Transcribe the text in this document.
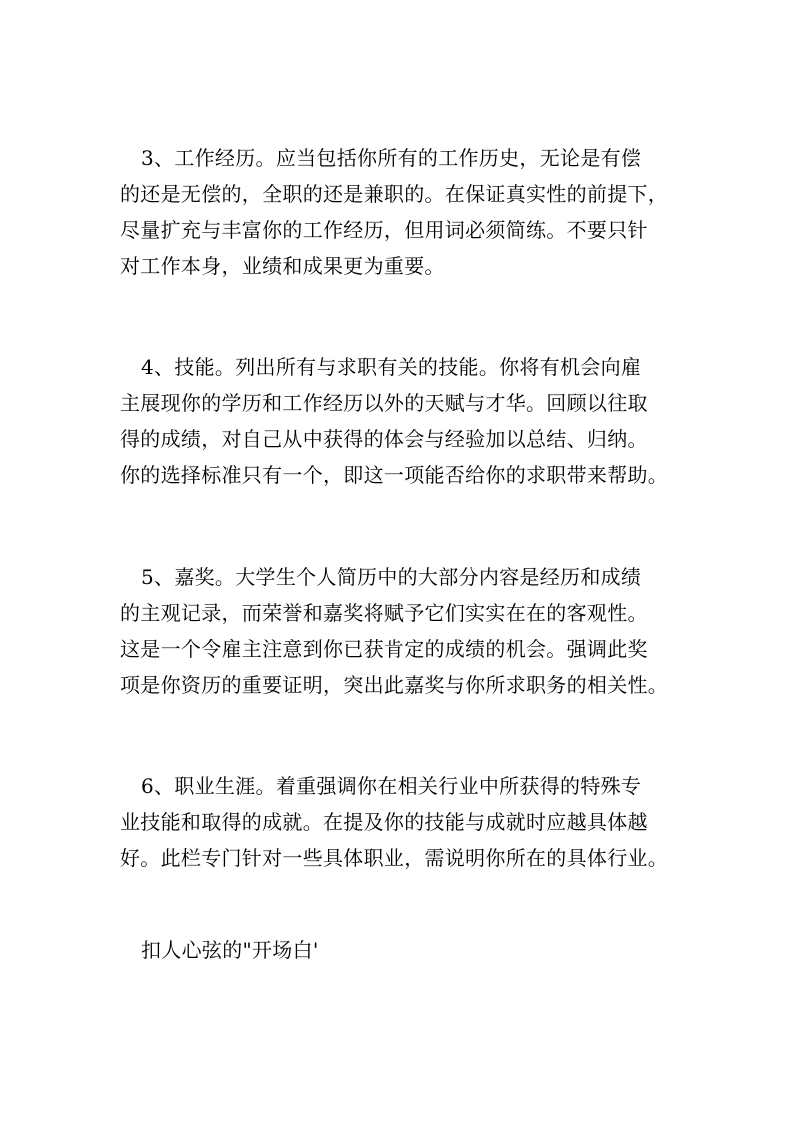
3、工作经历。应当包括你所有的工作历史，无论是有偿
的还是无偿的，全职的还是兼职的。在保证真实性的前提下，
尽量扩充与丰富你的工作经历，但用词必须简练。不要只针
对工作本身，业绩和成果更为重要。
4、技能。列出所有与求职有关的技能。你将有机会向雇
主展现你的学历和工作经历以外的天赋与才华。回顾以往取
得的成绩，对自己从中获得的体会与经验加以总结、归纳。
你的选择标准只有一个，即这一项能否给你的求职带来帮助。
5、嘉奖。大学生个人简历中的大部分内容是经历和成绩
的主观记录，而荣誉和嘉奖将赋予它们实实在在的客观性。
这是一个令雇主注意到你已获肯定的成绩的机会。强调此奖
项是你资历的重要证明，突出此嘉奖与你所求职务的相关性。
6、职业生涯。着重强调你在相关行业中所获得的特殊专
业技能和取得的成就。在提及你的技能与成就时应越具体越
好。此栏专门针对一些具体职业，需说明你所在的具体行业。
扣人心弦的"开场白'
